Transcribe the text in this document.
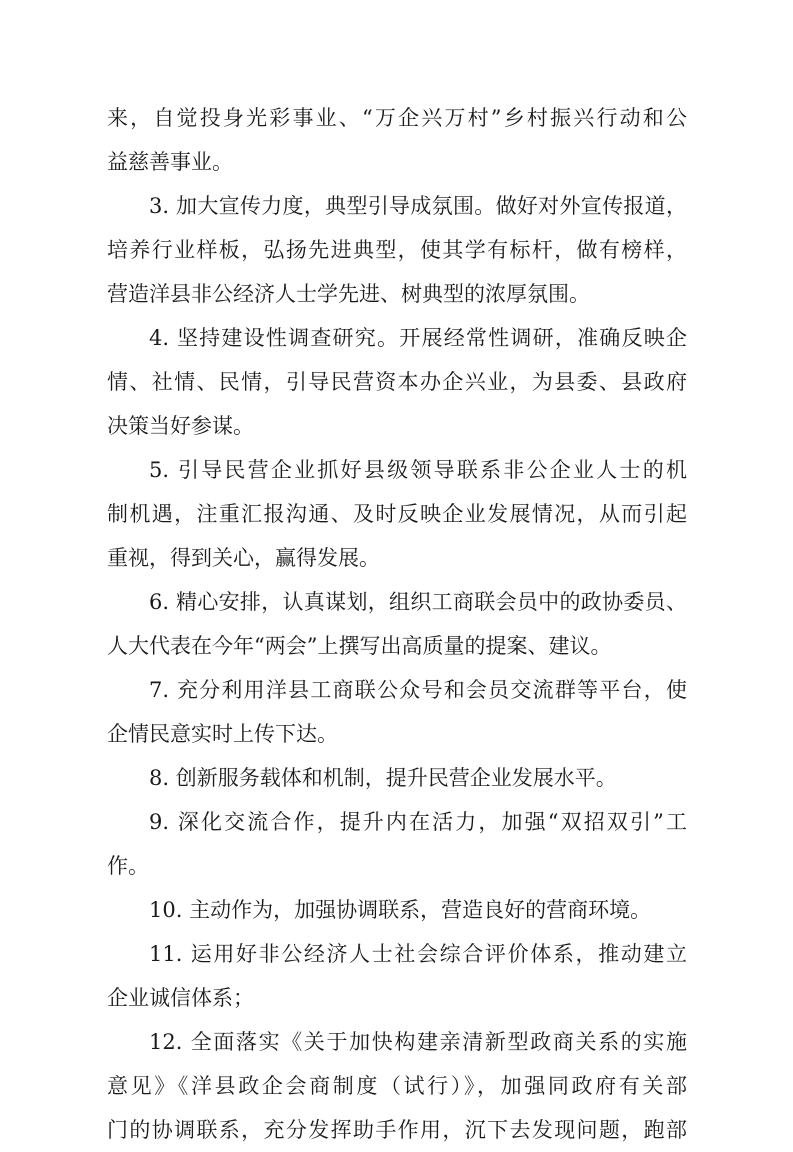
来，自觉投身光彩事业、“万企兴万村”乡村振兴行动和公
益慈善事业。
3. 加大宣传力度，典型引导成氛围。做好对外宣传报道，
培养行业样板，弘扬先进典型，使其学有标杆，做有榜样，
营造洋县非公经济人士学先进、树典型的浓厚氛围。
4. 坚持建设性调查研究。开展经常性调研，准确反映企
情、社情、民情，引导民营资本办企兴业，为县委、县政府
决策当好参谋。
5. 引导民营企业抓好县级领导联系非公企业人士的机
制机遇，注重汇报沟通、及时反映企业发展情况，从而引起
重视，得到关心，赢得发展。
6. 精心安排，认真谋划，组织工商联会员中的政协委员、
人大代表在今年“两会”上撰写出高质量的提案、建议。
7. 充分利用洋县工商联公众号和会员交流群等平台，使
企情民意实时上传下达。
8. 创新服务载体和机制，提升民营企业发展水平。
9. 深化交流合作，提升内在活力，加强“双招双引”工
作。
10. 主动作为，加强协调联系，营造良好的营商环境。
11. 运用好非公经济人士社会综合评价体系，推动建立
企业诚信体系；
12. 全面落实《关于加快构建亲清新型政商关系的实施
意见》《洋县政企会商制度（试行）》，加强同政府有关部
门的协调联系，充分发挥助手作用，沉下去发现问题，跑部
